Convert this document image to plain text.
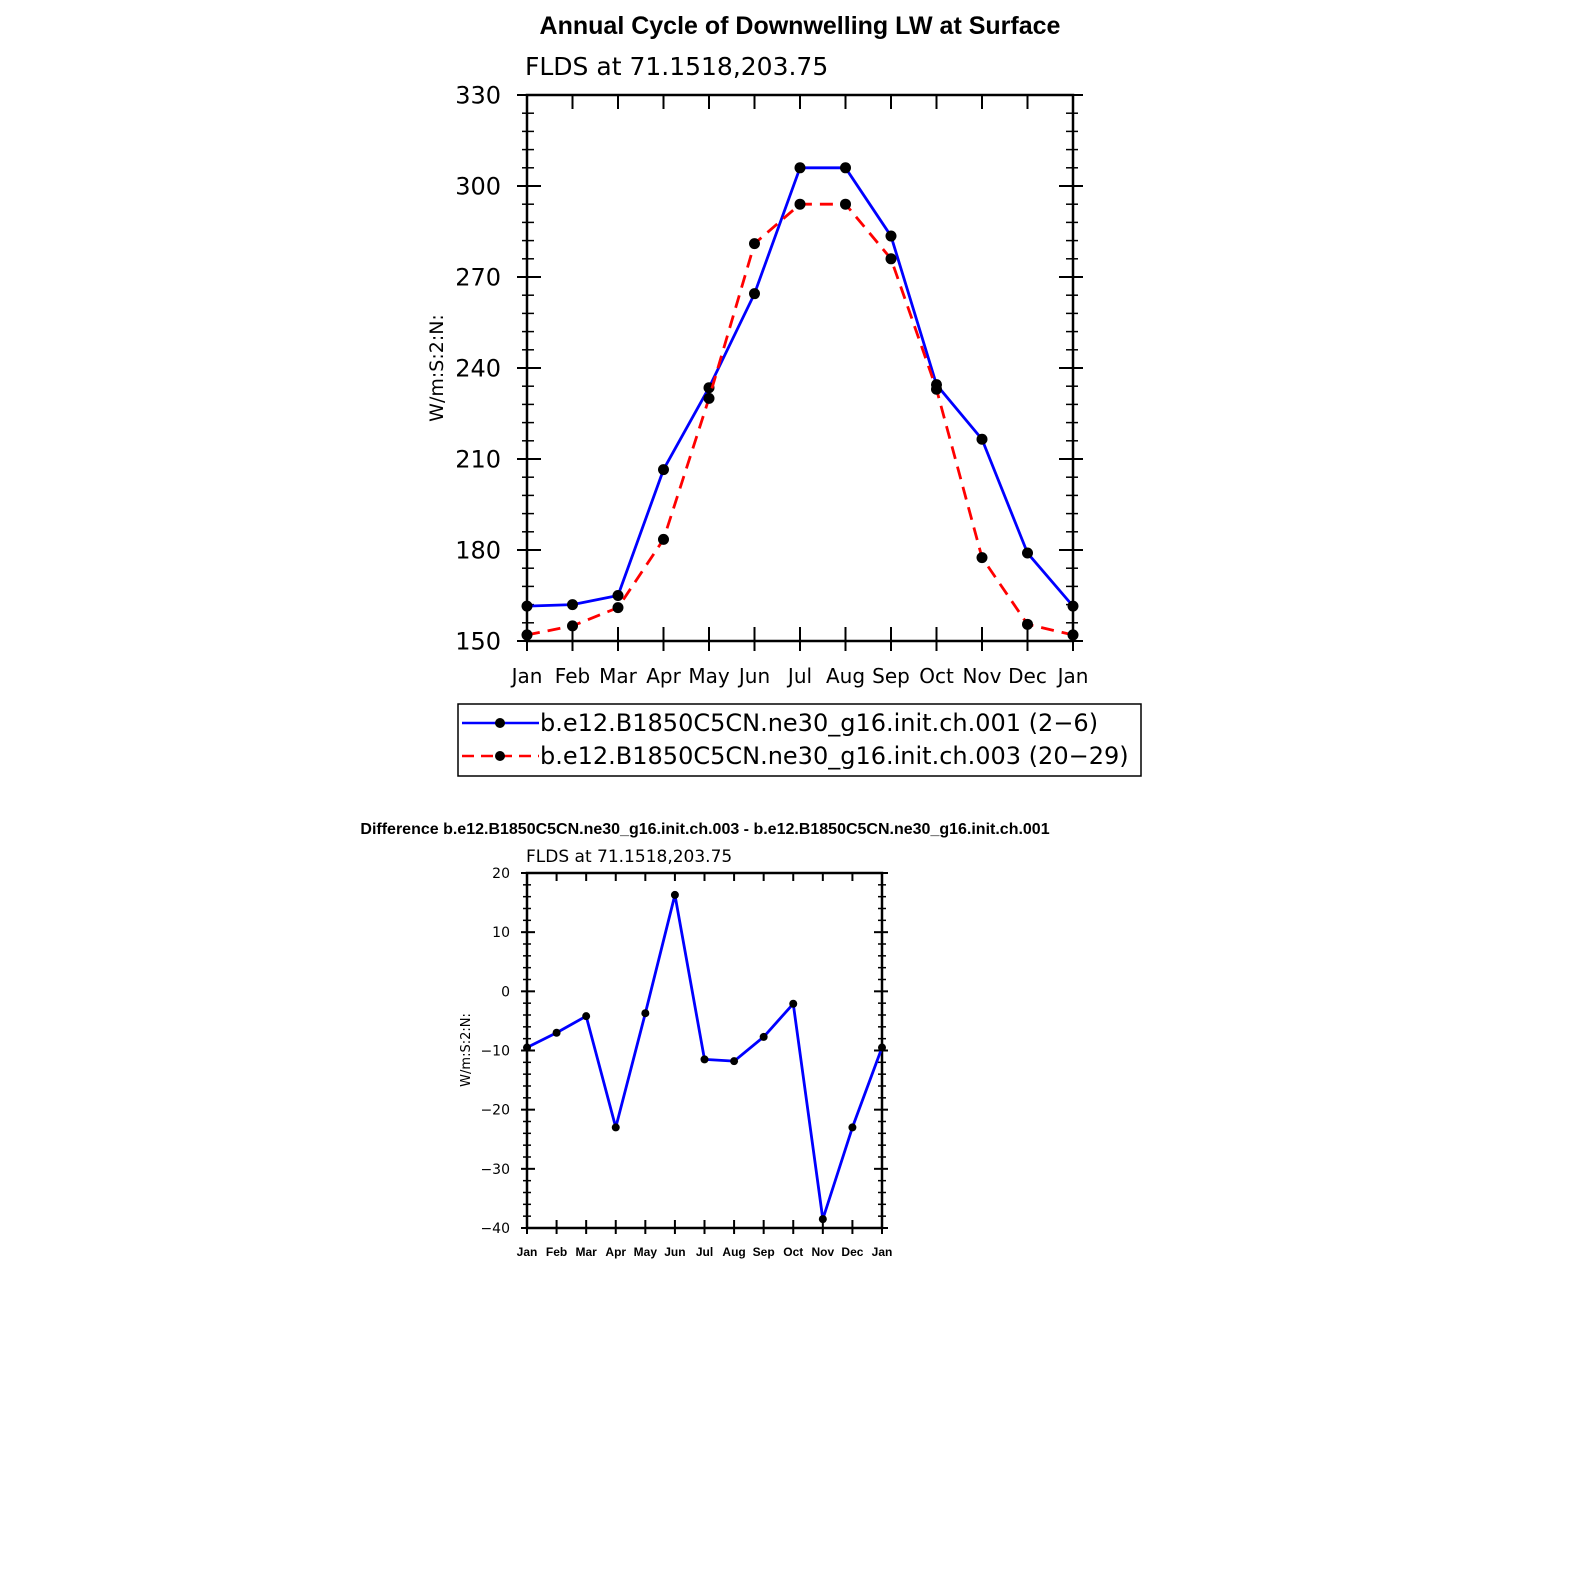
Annual Cycle of Downwelling LW at Surface
FLDS at 71.1518,203.75
W/m:S:2:N:
Jan Feb Mar Apr May Jun Jul Aug Sep Oct Nov Dec Jan
150
180
210
240
270
300
330
b.e12.B1850C5CN.ne30_g16.init.ch.001 (2−6)
b.e12.B1850C5CN.ne30_g16.init.ch.003 (20−29)
Difference b.e12.B1850C5CN.ne30_g16.init.ch.003 - b.e12.B1850C5CN.ne30_g16.init.ch.001
FLDS at 71.1518,203.75
W/m:S:2:N:
Jan Feb Mar Apr May Jun Jul Aug Sep Oct Nov Dec Jan
−40
−30
−20
−10
0
10
20
